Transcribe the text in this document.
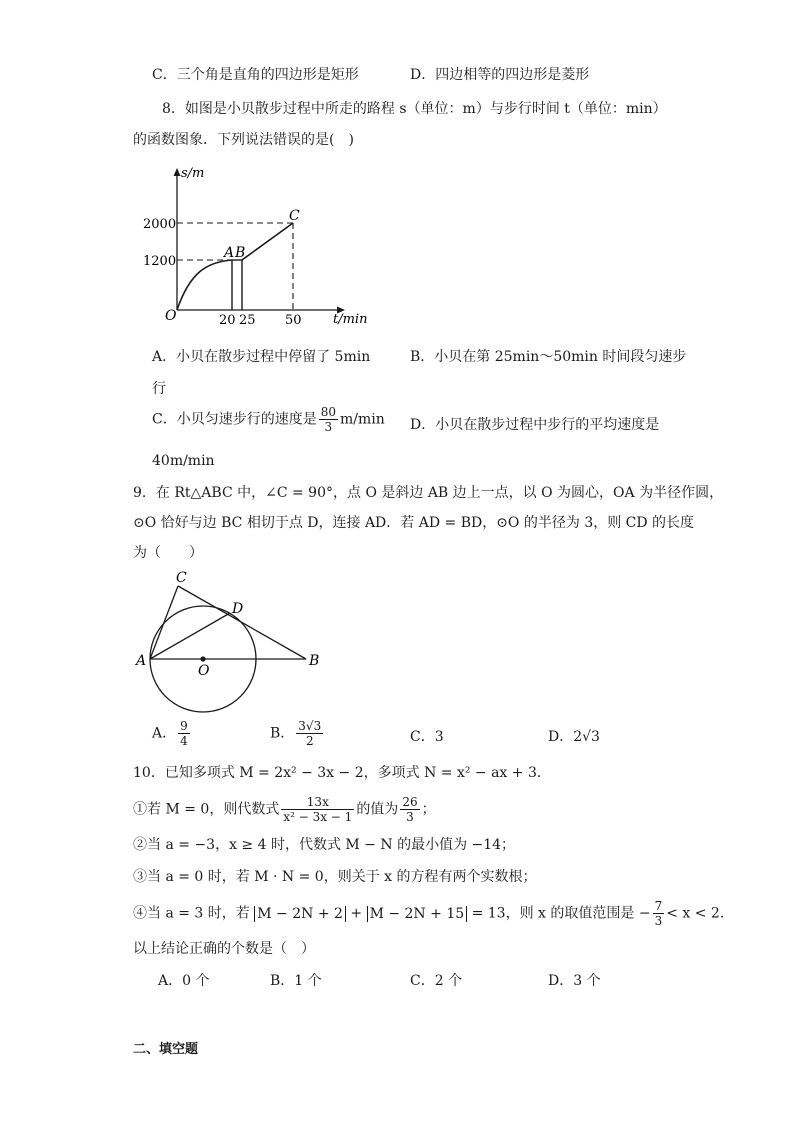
C．三个角是直角的四边形是矩形	D．四边相等的四边形是菱形
8．如图是小贝散步过程中所走的路程 s（单位：m）与步行时间 t（单位：min）
的函数图象．下列说法错误的是(　)
s/m
t/min
O
2000
1200
20 25 50
A B
C
A．小贝在散步过程中停留了 5min	B．小贝在第 25min～50min 时间段匀速步
行
C．小贝匀速步行的速度是 $\frac{80}{3} m/\min$ D．小贝在散步过程中步行的平均速度是
40m/min
9．在 Rt△ABC 中，∠C = 90°，点 O 是斜边 AB 边上一点，以 O 为圆心，OA 为半径作圆，
⊙O 恰好与边 BC 相切于点 D，连接 AD．若 AD = BD，⊙O 的半径为 3，则 CD 的长度
为（　　）
C
D
A
O
B
A． $\frac{9}{4}$	B． $\frac{3√3}{2}$	C．3	D．2√3
10．已知多项式 M = 2x² − 3x − 2，多项式 N = x² − ax + 3．
①若 M = 0，则代数式 $\frac{13x}{\text{x² − 3x − 1}}$ 的值为 $\frac{26}{3}$ ；
②当 a = −3，x ≥ 4 时，代数式 M − N 的最小值为 −14；
③当 a = 0 时，若 M · N = 0，则关于 x 的方程有两个实数根；
④当 a = 3 时，若 M − 2N + 2 + M − 2N + 15 = 13，则 x 的取值范围是 − $\frac{7}{3} < x < 2$．
以上结论正确的个数是（　）
A．0 个	B．1 个	C．2 个	D．3 个
二、填空题
